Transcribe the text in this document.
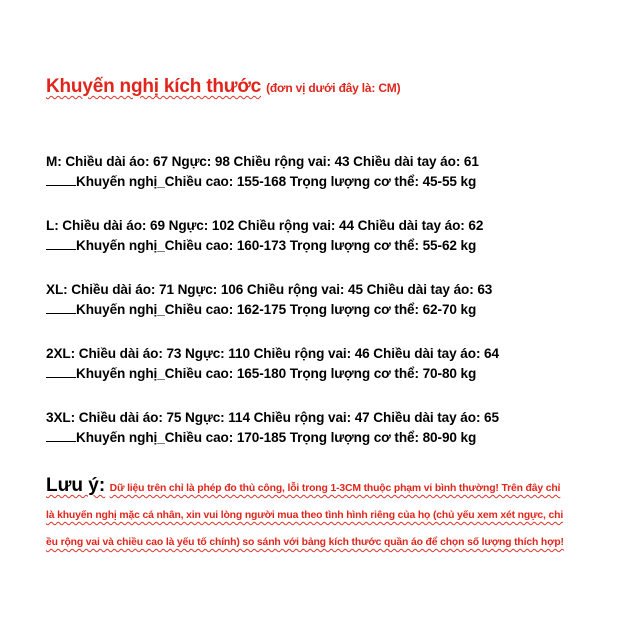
Khuyến nghị kích thước (đơn vị dưới đây là: CM)
M: Chiều dài áo: 67 Ngực: 98 Chiều rộng vai: 43 Chiều dài tay áo: 61
Khuyến nghị_Chiều cao: 155-168 Trọng lượng cơ thể: 45-55 kg
L: Chiều dài áo: 69 Ngực: 102 Chiều rộng vai: 44 Chiều dài tay áo: 62
Khuyến nghị_Chiều cao: 160-173 Trọng lượng cơ thể: 55-62 kg
XL: Chiều dài áo: 71 Ngực: 106 Chiều rộng vai: 45 Chiều dài tay áo: 63
Khuyến nghị_Chiều cao: 162-175 Trọng lượng cơ thể: 62-70 kg
2XL: Chiều dài áo: 73 Ngực: 110 Chiều rộng vai: 46 Chiều dài tay áo: 64
Khuyến nghị_Chiều cao: 165-180 Trọng lượng cơ thể: 70-80 kg
3XL: Chiều dài áo: 75 Ngực: 114 Chiều rộng vai: 47 Chiều dài tay áo: 65
Khuyến nghị_Chiều cao: 170-185 Trọng lượng cơ thể: 80-90 kg
Lưu ý: Dữ liệu trên chỉ là phép đo thủ công, lỗi trong 1-3CM thuộc phạm vi bình thường! Trên đây chỉ
là khuyến nghị mặc cá nhân, xin vui lòng người mua theo tình hình riêng của họ (chủ yếu xem xét ngực, chi
ều rộng vai và chiều cao là yếu tố chính) so sánh với bảng kích thước quần áo để chọn số lượng thích hợp!
